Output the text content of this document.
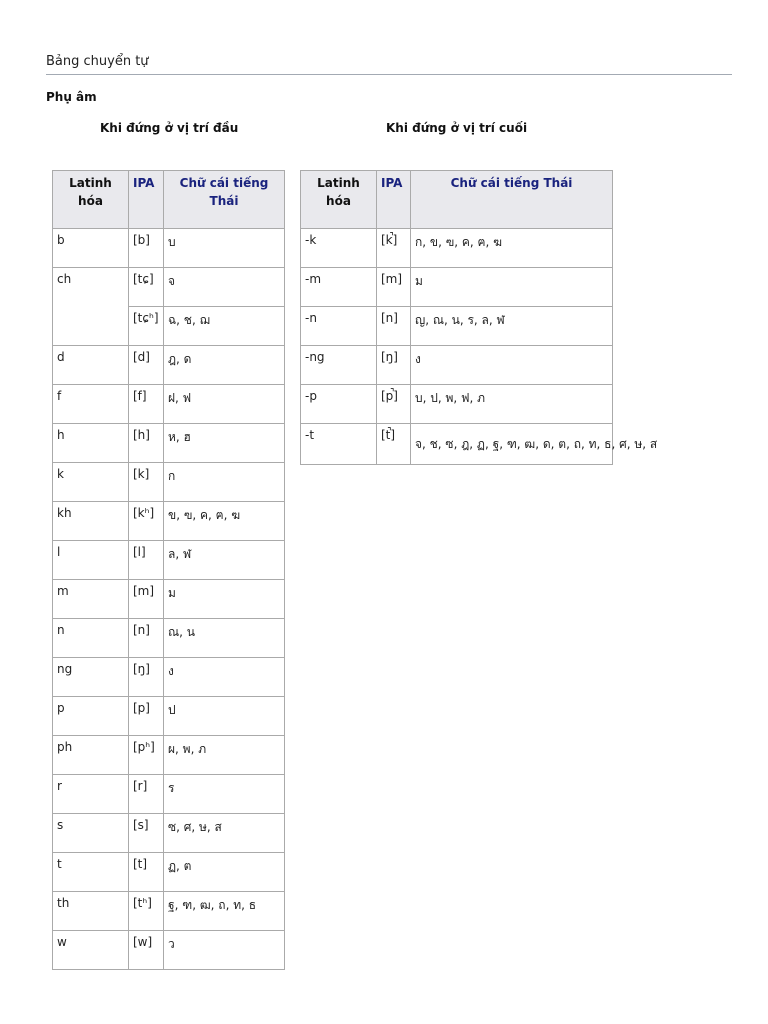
Bảng chuyển tự
Phụ âm
Khi đứng ở vị trí đầu	Khi đứng ở vị trí cuối
Latinh hóa	IPA	Chữ cái tiếng Thái
b	[b]	บ
ch	[tɕ]	จ
	[tɕʰ]	ฉ, ช, ฌ
d	[d]	ฎ, ด
f	[f]	ฝ, ฟ
h	[h]	ห, ฮ
k	[k]	ก
kh	[kʰ]	ข, ฃ, ค, ฅ, ฆ
l	[l]	ล, ฬ
m	[m]	ม
n	[n]	ณ, น
ng	[ŋ]	ง
p	[p]	ป
ph	[pʰ]	ผ, พ, ภ
r	[r]	ร
s	[s]	ซ, ศ, ษ, ส
t	[t]	ฏ, ต
th	[tʰ]	ฐ, ฑ, ฒ, ถ, ท, ธ
w	[w]	ว
Latinh hóa	IPA	Chữ cái tiếng Thái
-k	[k̚]	ก, ข, ฃ, ค, ฅ, ฆ
-m	[m]	ม
-n	[n]	ญ, ณ, น, ร, ล, ฬ
-ng	[ŋ]	ง
-p	[p̚]	บ, ป, พ, ฟ, ภ
-t	[t̚]	จ, ช, ซ, ฎ, ฏ, ฐ, ฑ, ฒ, ด, ต, ถ, ท, ธ, ศ, ษ, ส
